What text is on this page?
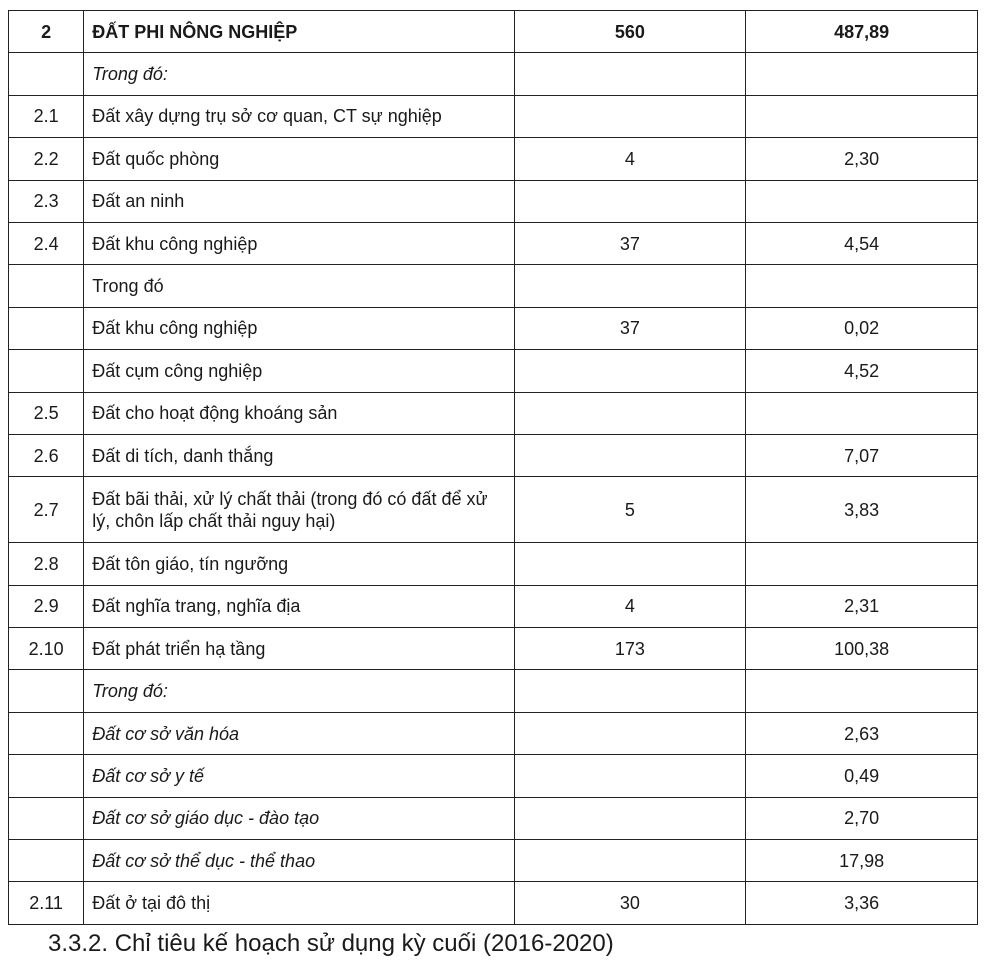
2	ĐẤT PHI NÔNG NGHIỆP	560	487,89
	Trong đó:		
2.1	Đất xây dựng trụ sở cơ quan, CT sự nghiệp		
2.2	Đất quốc phòng	4	2,30
2.3	Đất an ninh		
2.4	Đất khu công nghiệp	37	4,54
	Trong đó		
	Đất khu công nghiệp	37	0,02
	Đất cụm công nghiệp		4,52
2.5	Đất cho hoạt động khoáng sản		
2.6	Đất di tích, danh thắng		7,07
2.7	Đất bãi thải, xử lý chất thải (trong đó có đất để xử lý, chôn lấp chất thải nguy hại)	5	3,83
2.8	Đất tôn giáo, tín ngưỡng		
2.9	Đất nghĩa trang, nghĩa địa	4	2,31
2.10	Đất phát triển hạ tầng	173	100,38
	Trong đó:		
	Đất cơ sở văn hóa		2,63
	Đất cơ sở y tế		0,49
	Đất cơ sở giáo dục - đào tạo		2,70
	Đất cơ sở thể dục - thể thao		17,98
2.11	Đất ở tại đô thị	30	3,36
3.3.2. Chỉ tiêu kế hoạch sử dụng kỳ cuối (2016-2020)
